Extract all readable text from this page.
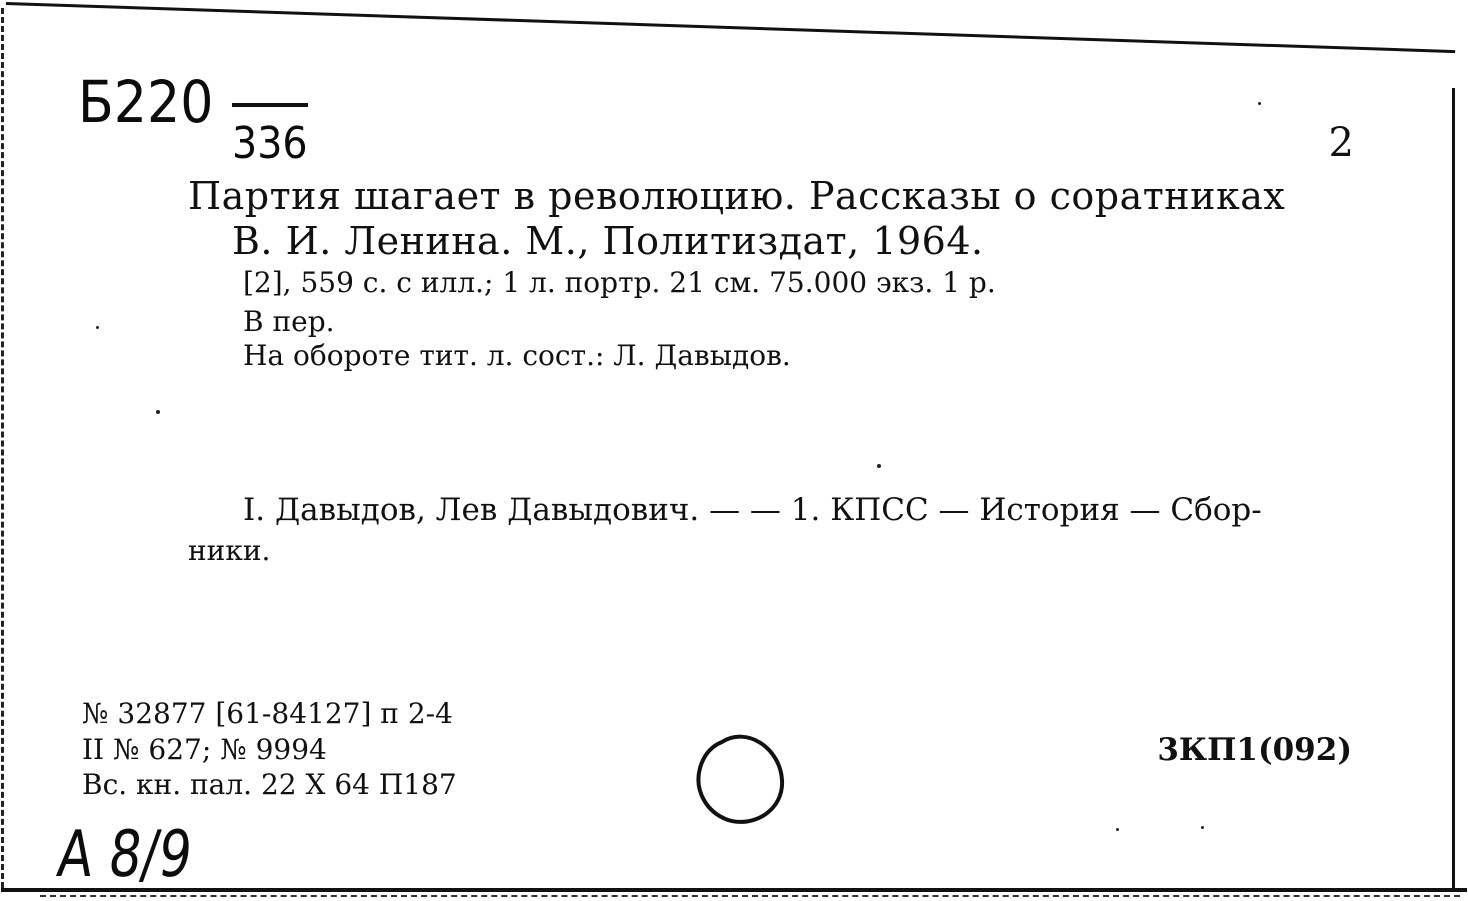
Б220
336	2
Партия шагает в революцию. Рассказы о соратниках
В. И. Ленина. М., Политиздат, 1964.
[2], 559 с. с илл.; 1 л. портр. 21 см. 75.000 экз. 1 р.
В пер.
На обороте тит. л. сост.: Л. Давыдов.
I. Давыдов, Лев Давыдович. — — 1. КПСС — История — Сбор-
ники.
№ 32877 [61-84127] п 2-4
II № 627; № 9994
Вс. кн. пал. 22 X 64 П187
3КП1(092)
A 8/9
